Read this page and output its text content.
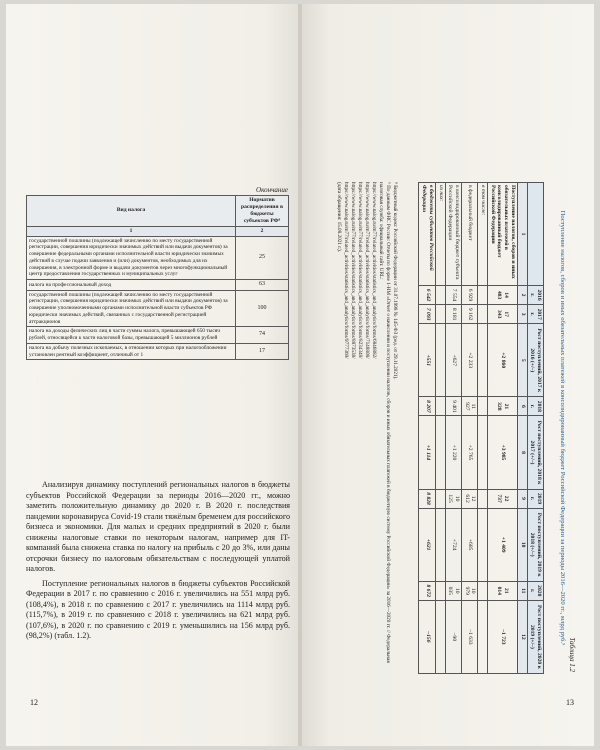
Окончание
Вид налога	Норматив распределения в бюджеты субъектов РФ⁸
1	2
государственной пошлины (подлежащей зачислению по месту государственной регистрации, совершения юридически значимых действий или выдачи документов) за совершение федеральными органами исполнительной власти юридически значимых действий в случае подачи заявления и (или) документов, необходимых для их совершения, в электронной форме и выдачи документов через многофункциональный центр предоставления государственных и муниципальных услуг	25
налога на профессиональный доход	63
государственной пошлины (подлежащей зачислению по месту государственной регистрации, совершения юридически значимых действий или выдачи документов) за совершение уполномоченными органами исполнительной власти субъектов РФ юридически значимых действий, связанных с государственной регистрацией аттракционов	100
налога на доходы физических лиц в части суммы налога, превышающей 650 тысяч рублей, относящейся к части налоговой базы, превышающей 5 миллионов рублей	74
налога на добычу полезных ископаемых, в отношении которых при налогообложении установлен рентный коэффициент, отличный от 1	17

Анализируя динамику поступлений региональных налогов в бюджеты субъектов Российской Федерации за периоды 2016—2020 гг., можно заметить положительную динамику до 2020 г. В 2020 г. последствия пандемии коронавируса Covid-19 стали тяжёлым бременем для российского бизнеса и экономики. Для малых и средних предприятий в 2020 г. были снижены налоговые ставки по некоторым налогам, например для IT-компаний была снижена ставка по налогу на прибыль с 20 до 3%, или даны отсрочки бизнесу по налоговым обязательствам с последующей уплатой налогов.

Поступление региональных налогов в бюджеты субъектов Российской Федерации в 2017 г. по сравнению с 2016 г. увеличились на 551 млрд руб. (108,4%), в 2018 г. по сравнению с 2017 г. увеличились на 1114 млрд руб. (115,7%), в 2019 г. по сравнению с 2018 г. увеличились на 621 млрд руб. (107,6%), в 2020 г. по сравнению с 2019 г. уменьшились на 156 млрд руб. (98,2%) (табл. 1.2).

12
Таблица 1.2
Поступление налогов, сборов и иных обязательных платежей в консолидированный бюджет Российской Федерации за периоды 2016—2020 гг., млрд руб.⁹
	2016 г.	2017 г.	Рост поступлений, 2017 к 2016 (+/–)	2018 г.	Рост поступлений, 2018 к 2017 (+/–)	2019 г.	Рост поступлений, 2019 к 2018 (+/–)	2020 г.	Рост поступлений, 2020 к 2019 (+/–)
1	2	3	5	6	8	9	10	11	12
Поступление налогов, сборов и иных обязательных платежей в консолидированный бюджет Российской Федерации	14 483	17 343	+2 860	21 328	+3 985	22 737	+1 409	21 014	–1 723
в том числе:									
в федеральный бюджет	6 929	9 162	+2 233	11 927	+2 765	12 612	+685	10 979	–1 633
в консолидированный бюджет субъекта Российской Федерации	7 554	8 181	+627	9 401	+1 220	10 125	+724	10 035	–90
из них:									
в бюджеты субъектов Российской Федерации	6 542	7 093	+551	8 207	+1 114	8 828	+621	8 672	–156
⁸ Бюджетный кодекс Российской Федерации от 31.07.1998 № 145-ФЗ (ред. от 29.11.2021).
⁹ По данным ФНС России: Отчеты по форме 1-НМ «Отчет о начислении и поступлении налогов, сборов и иных обязательных платежей в бюджетную систему Российской Федерации» за 2016—2020 гг. // Федеральная налоговая служба: официальный сайт. URL:
https://www.nalog.ru/rn77/related_activities/statistics_and_analytics/forms/6846882/
https://www.nalog.ru/rn77/related_activities/statistics_and_analytics/forms/7148808/
https://www.nalog.ru/rn77/related_activities/statistics_and_analytics/forms/8234348/
https://www.nalog.ru/rn77/related_activities/statistics_and_analytics/forms/8873538/
https://www.nalog.ru/rn77/related_activities/statistics_and_analytics/forms/9777369/
(дата обращения: 15.08.2021 г.).
13
